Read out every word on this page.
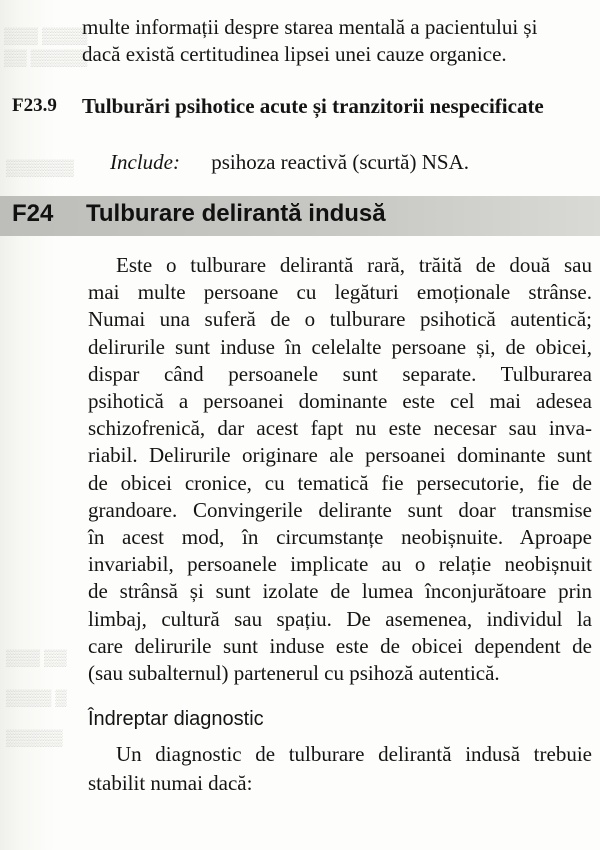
▒▒▒ ▒▒▒▒
▒▒ ▒▒▒▒▒
▒▒▒▒▒▒
▒▒▒ ▒▒
▒▒▒▒ ▒
▒▒▒▒▒

multe informații despre starea mentală a pacientului și
dacă există certitudinea lipsei unei cauze organice.

F23.9 Tulburări psihotice acute și tranzitorii nespecificate
Include: psihoza reactivă (scurtă) NSA.
F24 Tulburare delirantă indusă

Este o tulburare delirantă rară, trăită de două sau
mai multe persoane cu legături emoționale strânse.
Numai una suferă de o tulburare psihotică autentică;
delirurile sunt induse în celelalte persoane și, de obicei,
dispar când persoanele sunt separate. Tulburarea
psihotică a persoanei dominante este cel mai adesea
schizofrenică, dar acest fapt nu este necesar sau inva-
riabil. Delirurile originare ale persoanei dominante sunt
de obicei cronice, cu tematică fie persecutorie, fie de
grandoare. Convingerile delirante sunt doar transmise
în acest mod, în circumstanțe neobișnuite. Aproape
invariabil, persoanele implicate au o relație neobișnuit
de strânsă și sunt izolate de lumea înconjurătoare prin
limbaj, cultură sau spațiu. De asemenea, individul la
care delirurile sunt induse este de obicei dependent de
(sau subalternul) partenerul cu psihoză autentică.

Îndreptar diagnostic

Un diagnostic de tulburare delirantă indusă trebuie
stabilit numai dacă:
